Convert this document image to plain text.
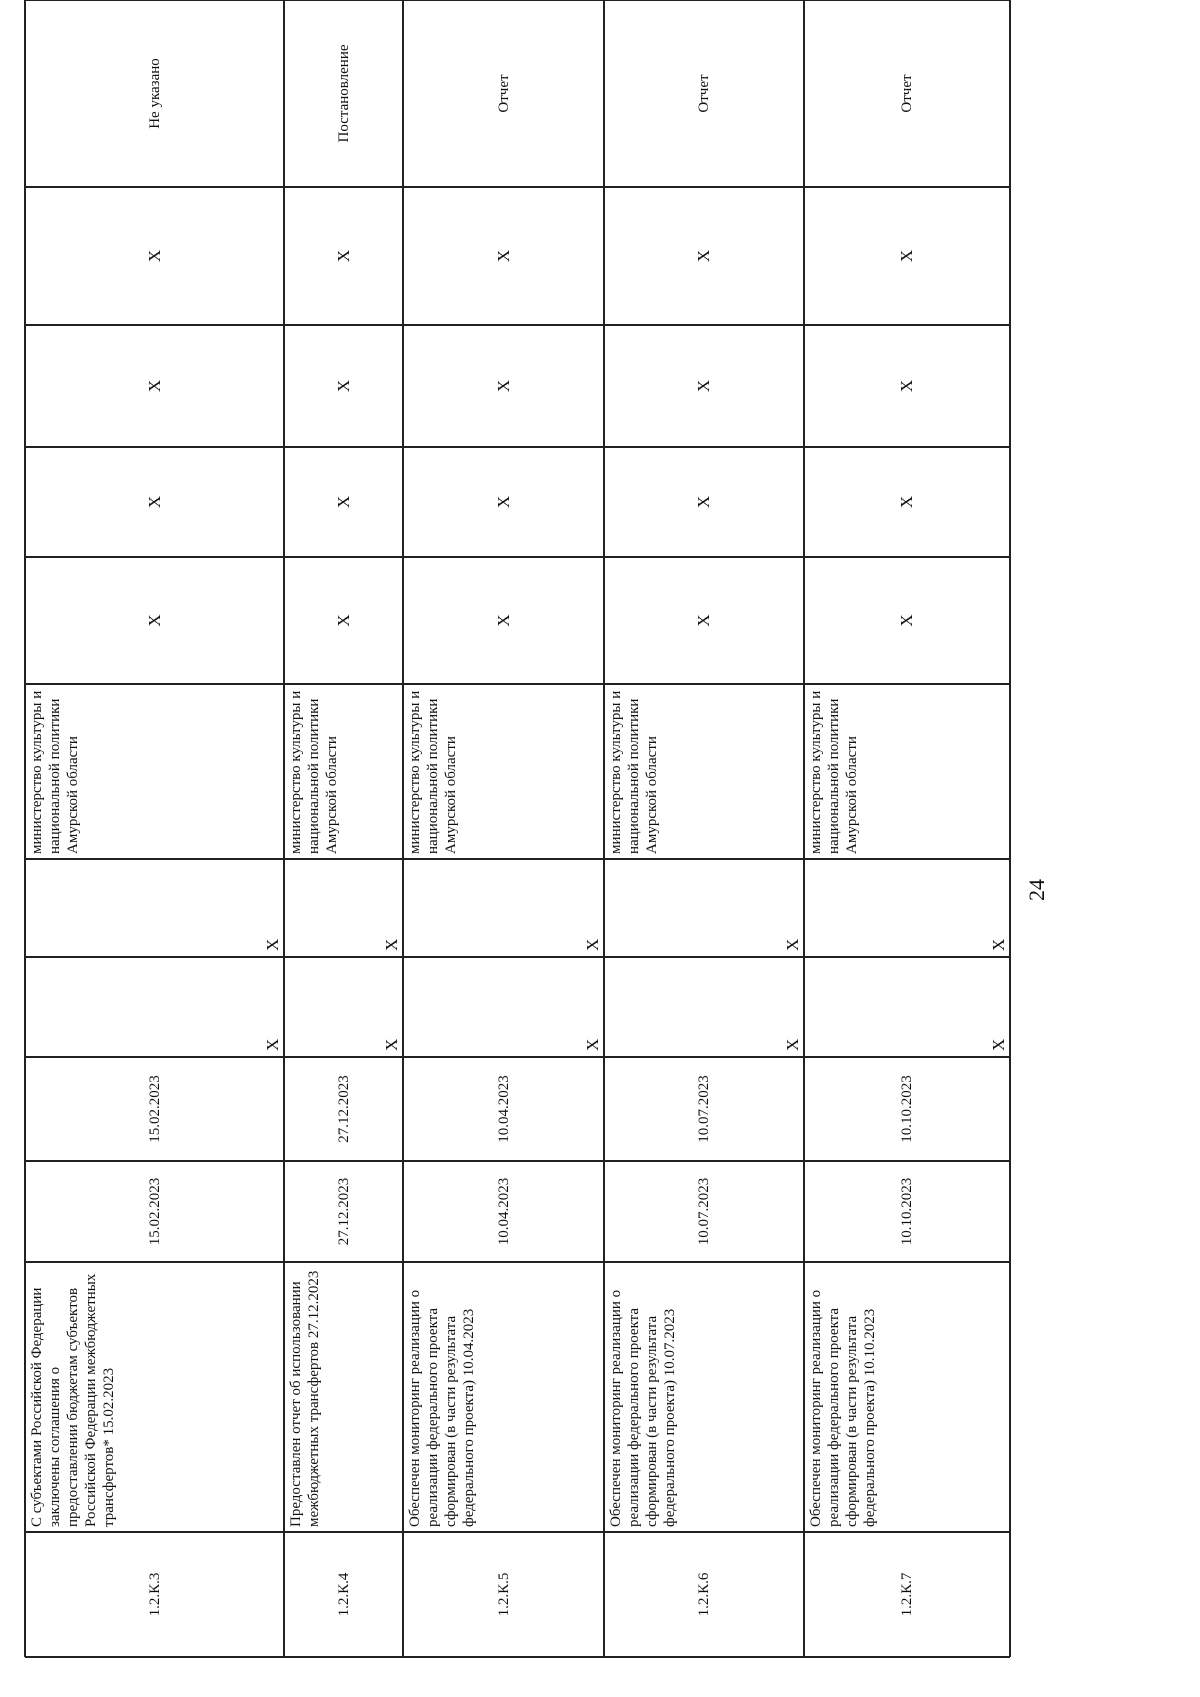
1.2.К.3
С субъектами Российской Федерации заключены соглашения о предоставлении бюджетам субъектов Российской Федерации межбюджетных трансфертов* 15.02.2023
15.02.2023
15.02.2023
Х
Х
министерство культуры и национальной политики Амурской области
Х
Х
Х
Х
Не указано
1.2.К.4
Предоставлен отчет об использовании межбюджетных трансфертов 27.12.2023
27.12.2023
27.12.2023
Х
Х
министерство культуры и национальной политики Амурской области
Х
Х
Х
Х
Постановление
1.2.К.5
Обеспечен мониторинг реализации о реализации федерального проекта сформирован (в части результата федерального проекта) 10.04.2023
10.04.2023
10.04.2023
Х
Х
министерство культуры и национальной политики Амурской области
Х
Х
Х
Х
Отчет
1.2.К.6
Обеспечен мониторинг реализации о реализации федерального проекта сформирован (в части результата федерального проекта) 10.07.2023
10.07.2023
10.07.2023
Х
Х
министерство культуры и национальной политики Амурской области
Х
Х
Х
Х
Отчет
1.2.К.7
Обеспечен мониторинг реализации о реализации федерального проекта сформирован (в части результата федерального проекта) 10.10.2023
10.10.2023
10.10.2023
Х
Х
министерство культуры и национальной политики Амурской области
Х
Х
Х
Х
Отчет
24
